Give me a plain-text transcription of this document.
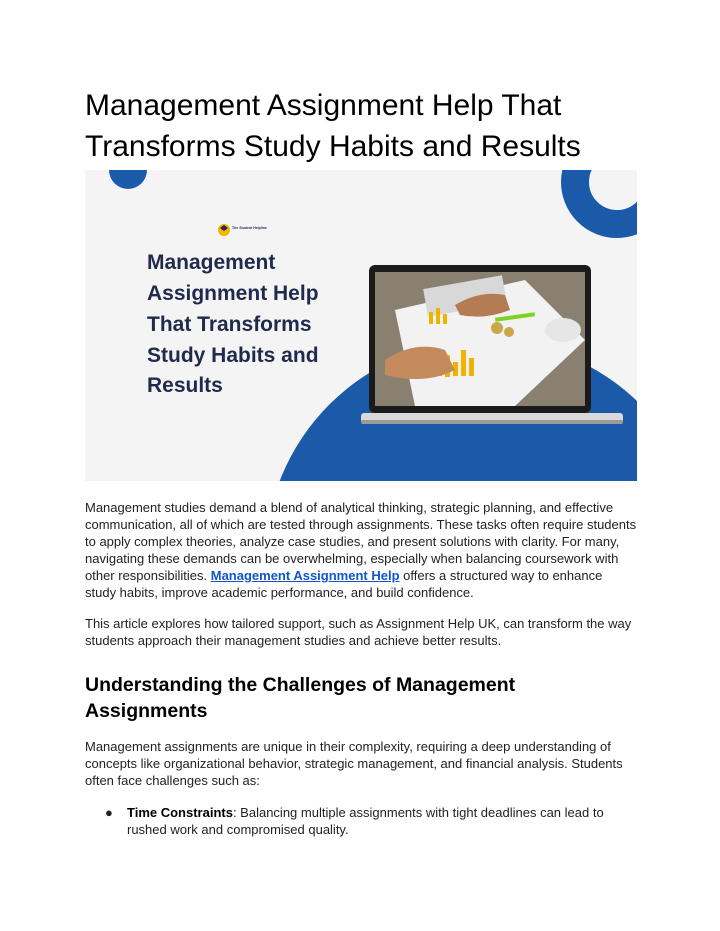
Management Assignment Help That Transforms Study Habits and Results
The Student Helpline
Management
Assignment Help
That Transforms
Study Habits and
Results

Management studies demand a blend of analytical thinking, strategic planning, and effective communication, all of which are tested through assignments. These tasks often require students to apply complex theories, analyze case studies, and present solutions with clarity. For many, navigating these demands can be overwhelming, especially when balancing coursework with other responsibilities. Management Assignment Help offers a structured way to enhance study habits, improve academic performance, and build confidence.

This article explores how tailored support, such as Assignment Help UK, can transform the way students approach their management studies and achieve better results.

Understanding the Challenges of Management Assignments

Management assignments are unique in their complexity, requiring a deep understanding of concepts like organizational behavior, strategic management, and financial analysis. Students often face challenges such as:

● Time Constraints: Balancing multiple assignments with tight deadlines can lead to rushed work and compromised quality.
